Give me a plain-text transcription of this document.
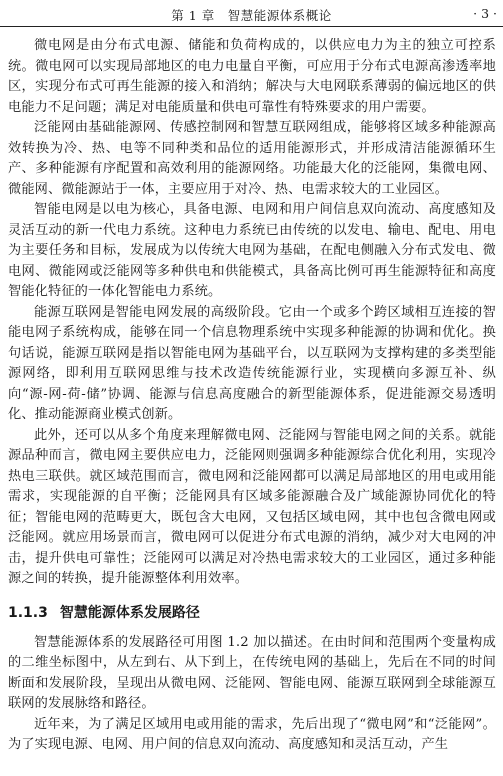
第 1 章　智慧能源体系概论	· 3 ·

微电网是由分布式电源、储能和负荷构成的，以供应电力为主的独立可控系统。微电网可以实现局部地区的电力电量自平衡，可应用于分布式电源高渗透率地区，实现分布式可再生能源的接入和消纳；解决与大电网联系薄弱的偏远地区的供电能力不足问题；满足对电能质量和供电可靠性有特殊要求的用户需要。

泛能网由基础能源网、传感控制网和智慧互联网组成，能够将区域多种能源高效转换为冷、热、电等不同种类和品位的适用能源形式，并形成清洁能源循环生产、多种能源有序配置和高效利用的能源网络。功能最大化的泛能网，集微电网、微能网、微能源站于一体，主要应用于对冷、热、电需求较大的工业园区。

智能电网是以电为核心，具备电源、电网和用户间信息双向流动、高度感知及灵活互动的新一代电力系统。这种电力系统已由传统的以发电、输电、配电、用电为主要任务和目标，发展成为以传统大电网为基础，在配电侧融入分布式发电、微电网、微能网或泛能网等多种供电和供能模式，具备高比例可再生能源特征和高度智能化特征的一体化智能电力系统。

能源互联网是智能电网发展的高级阶段。它由一个或多个跨区域相互连接的智能电网子系统构成，能够在同一个信息物理系统中实现多种能源的协调和优化。换句话说，能源互联网是指以智能电网为基础平台，以互联网为支撑构建的多类型能源网络，即利用互联网思维与技术改造传统能源行业，实现横向多源互补、纵向“源-网-荷-储”协调、能源与信息高度融合的新型能源体系，促进能源交易透明化、推动能源商业模式创新。

此外，还可以从多个角度来理解微电网、泛能网与智能电网之间的关系。就能源品种而言，微电网主要供应电力，泛能网则强调多种能源综合优化利用，实现冷热电三联供。就区域范围而言，微电网和泛能网都可以满足局部地区的用电或用能需求，实现能源的自平衡；泛能网具有区域多能源融合及广域能源协同优化的特征；智能电网的范畴更大，既包含大电网，又包括区域电网，其中也包含微电网或泛能网。就应用场景而言，微电网可以促进分布式电源的消纳，减少对大电网的冲击，提升供电可靠性；泛能网可以满足对冷热电需求较大的工业园区，通过多种能源之间的转换，提升能源整体利用效率。

1.1.3 智慧能源体系发展路径

智慧能源体系的发展路径可用图 1.2 加以描述。在由时间和范围两个变量构成的二维坐标图中，从左到右、从下到上，在传统电网的基础上，先后在不同的时间断面和发展阶段，呈现出从微电网、泛能网、智能电网、能源互联网到全球能源互联网的发展脉络和路径。

近年来，为了满足区域用电或用能的需求，先后出现了“微电网”和“泛能网”。为了实现电源、电网、用户间的信息双向流动、高度感知和灵活互动，产生
